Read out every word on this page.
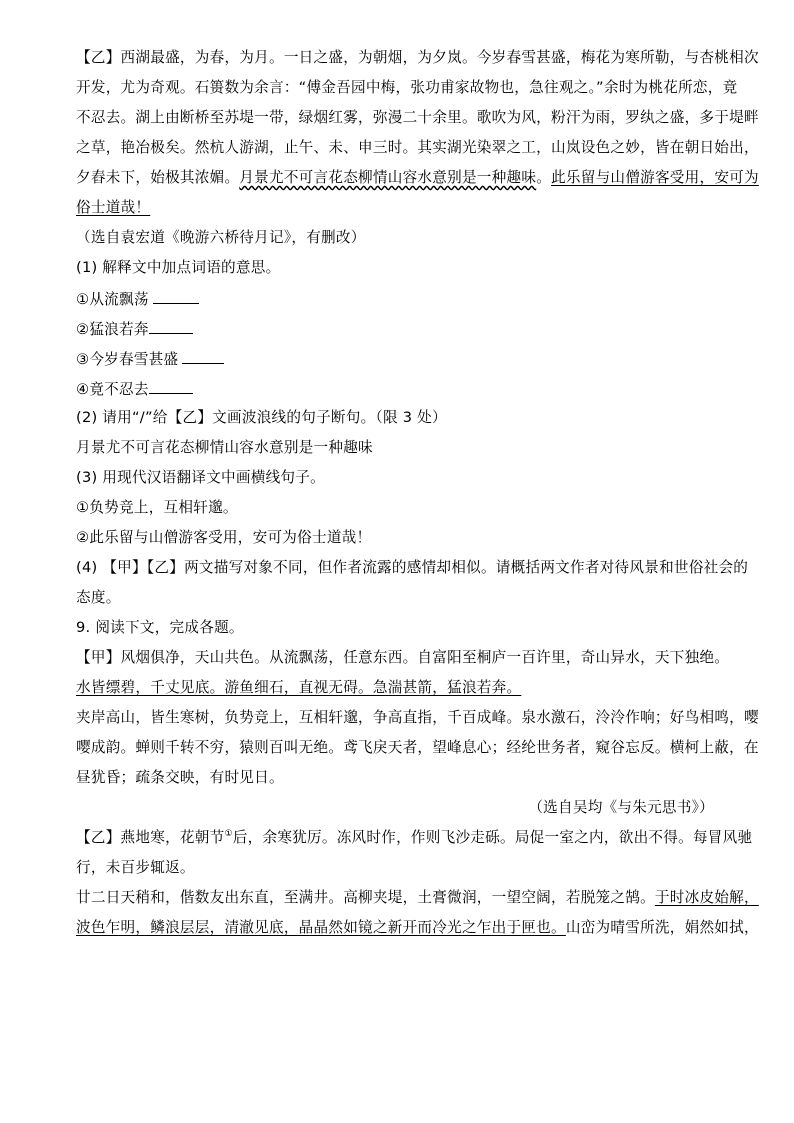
【乙】西湖最盛，为春，为月。一日之盛，为朝烟，为夕岚。今岁春雪甚盛，梅花为寒所勒，与杏桃相次

开发，尤为奇观。石篑数为余言：“傅金吾园中梅，张功甫家故物也，急往观之。”余时为桃花所恋，竟

不忍去。湖上由断桥至苏堤一带，绿烟红雾，弥漫二十余里。歌吹为风，粉汗为雨，罗纨之盛，多于堤畔

之草，艳冶极矣。然杭人游湖，止午、未、申三时。其实湖光染翠之工，山岚设色之妙，皆在朝日始出，

夕舂未下，始极其浓媚。月景尤不可言花态柳情山容水意别是一种趣味。此乐留与山僧游客受用，安可为

俗士道哉！

（选自袁宏道《晚游六桥待月记》，有删改）

(1) 解释文中加点词语的意思。

①从流飘荡

②猛浪若奔

③今岁春雪甚盛

④竟不忍去

(2) 请用“/”给【乙】文画波浪线的句子断句。（限 3 处）

月景尤不可言花态柳情山容水意别是一种趣味

(3) 用现代汉语翻译文中画横线句子。

①负势竞上，互相轩邈。

②此乐留与山僧游客受用，安可为俗士道哉！

(4) 【甲】【乙】两文描写对象不同，但作者流露的感情却相似。请概括两文作者对待风景和世俗社会的

态度。

9. 阅读下文，完成各题。

【甲】风烟俱净，天山共色。从流飘荡，任意东西。自富阳至桐庐一百许里，奇山异水，天下独绝。

水皆缥碧，千丈见底。游鱼细石，直视无碍。急湍甚箭，猛浪若奔。

夹岸高山，皆生寒树，负势竞上，互相轩邈，争高直指，千百成峰。泉水激石，泠泠作响；好鸟相鸣，嘤

嘤成韵。蝉则千转不穷，猿则百叫无绝。鸢飞戾天者，望峰息心；经纶世务者，窥谷忘反。横柯上蔽，在

昼犹昏；疏条交映，有时见日。

（选自吴均《与朱元思书》）

【乙】燕地寒，花朝节①后，余寒犹厉。冻风时作，作则飞沙走砾。局促一室之内，欲出不得。每冒风驰

行，未百步辄返。

廿二日天稍和，偕数友出东直，至满井。高柳夹堤，土膏微润，一望空阔，若脱笼之鹄。于时冰皮始解，

波色乍明，鳞浪层层，清澈见底，晶晶然如镜之新开而冷光之乍出于匣也。山峦为晴雪所洗，娟然如拭，
